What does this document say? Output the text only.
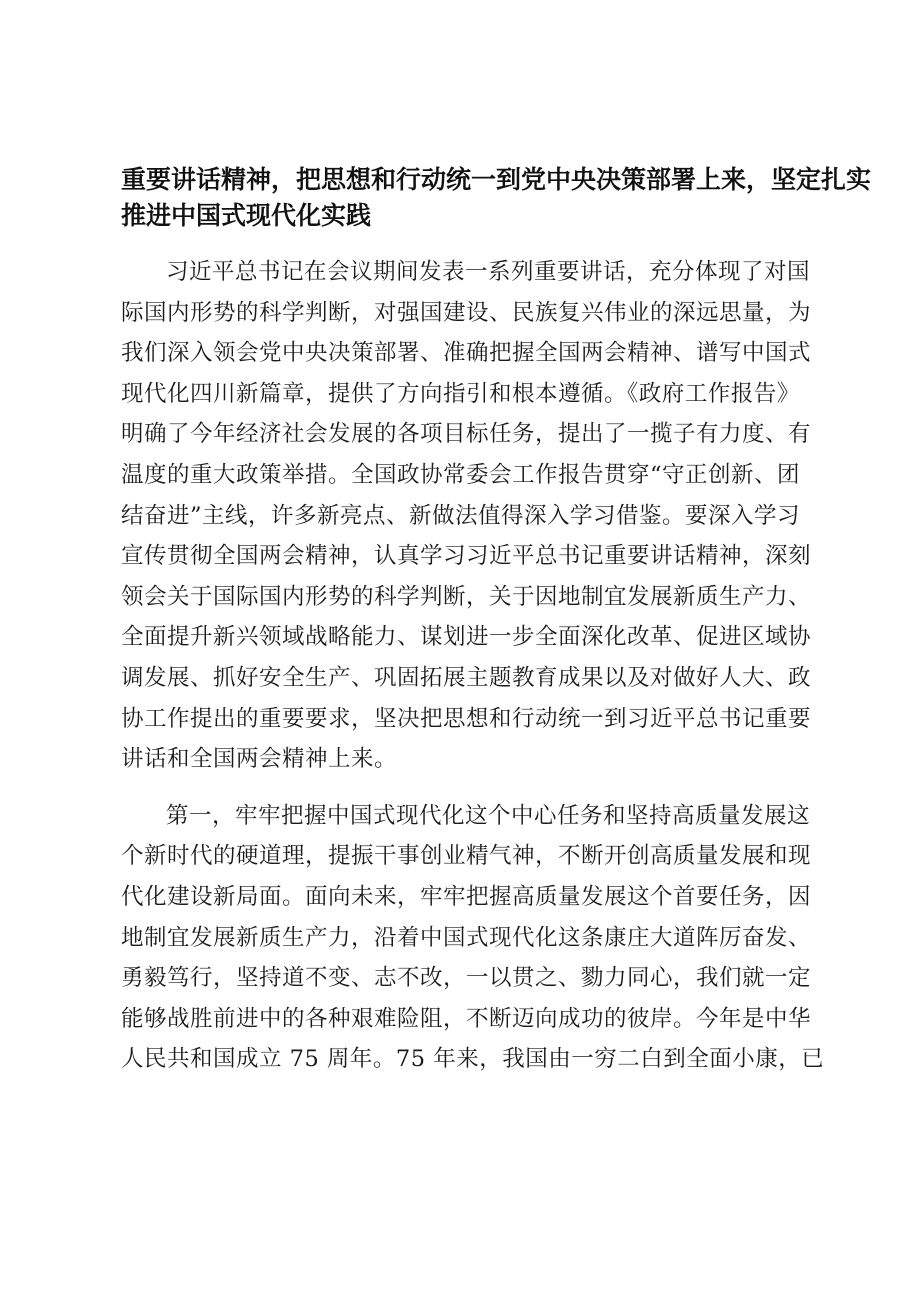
重要讲话精神，把思想和行动统一到党中央决策部署上来，坚定扎实
推进中国式现代化实践
习近平总书记在会议期间发表一系列重要讲话，充分体现了对国
际国内形势的科学判断，对强国建设、民族复兴伟业的深远思量，为
我们深入领会党中央决策部署、准确把握全国两会精神、谱写中国式
现代化四川新篇章，提供了方向指引和根本遵循。《政府工作报告》
明确了今年经济社会发展的各项目标任务，提出了一揽子有力度、有
温度的重大政策举措。全国政协常委会工作报告贯穿“守正创新、团
结奋进”主线，许多新亮点、新做法值得深入学习借鉴。要深入学习
宣传贯彻全国两会精神，认真学习习近平总书记重要讲话精神，深刻
领会关于国际国内形势的科学判断，关于因地制宜发展新质生产力、
全面提升新兴领域战略能力、谋划进一步全面深化改革、促进区域协
调发展、抓好安全生产、巩固拓展主题教育成果以及对做好人大、政
协工作提出的重要要求，坚决把思想和行动统一到习近平总书记重要
讲话和全国两会精神上来。
第一，牢牢把握中国式现代化这个中心任务和坚持高质量发展这
个新时代的硬道理，提振干事创业精气神，不断开创高质量发展和现
代化建设新局面。面向未来，牢牢把握高质量发展这个首要任务，因
地制宜发展新质生产力，沿着中国式现代化这条康庄大道阵厉奋发、
勇毅笃行，坚持道不变、志不改，一以贯之、勠力同心，我们就一定
能够战胜前进中的各种艰难险阻，不断迈向成功的彼岸。今年是中华
人民共和国成立 75 周年。75 年来，我国由一穷二白到全面小康，已
